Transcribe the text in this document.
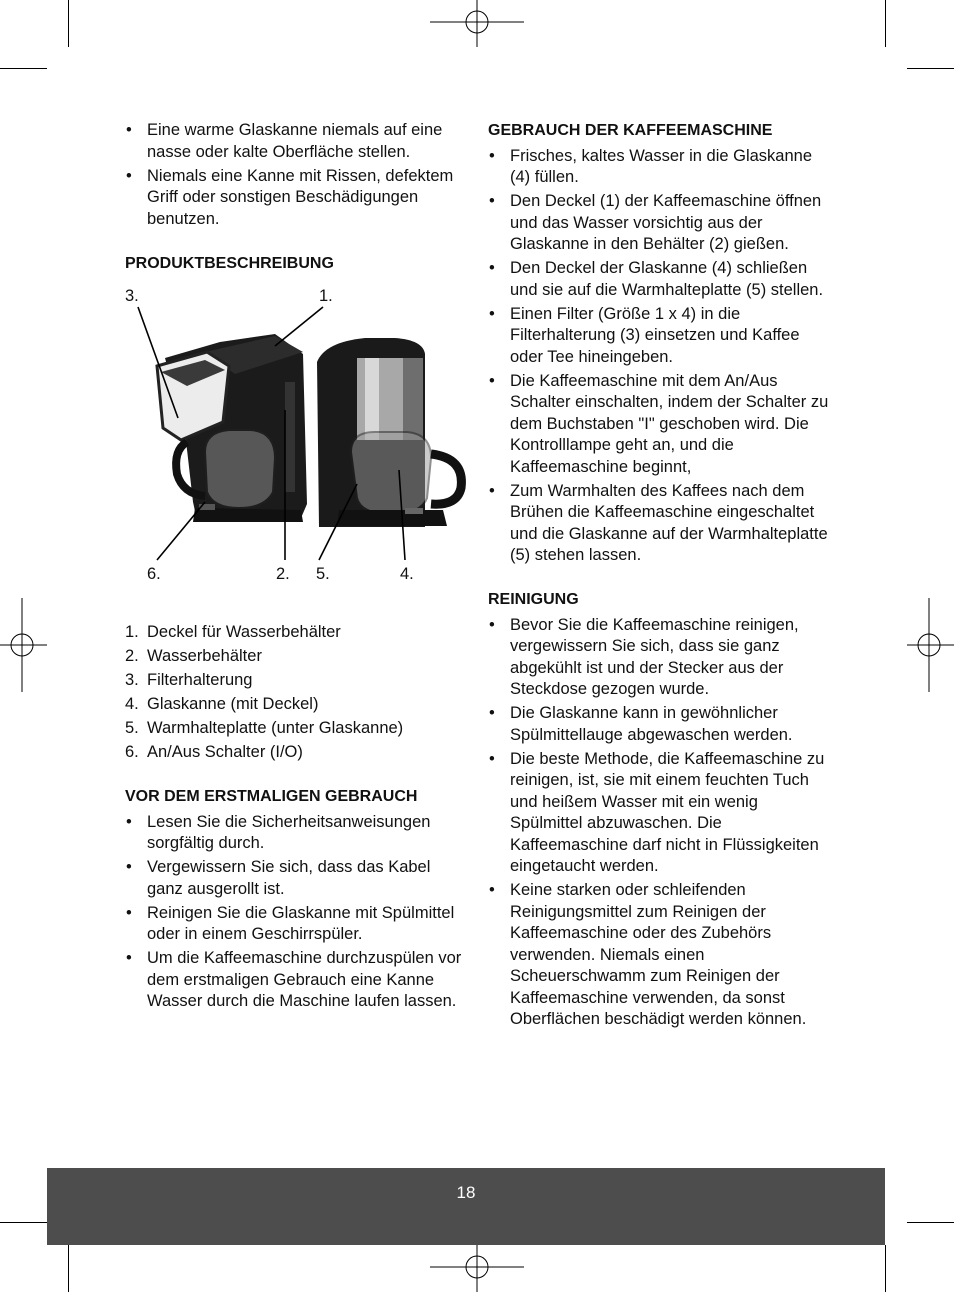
• Eine warme Glaskanne niemals auf eine nasse oder kalte Oberfläche stellen.
• Niemals eine Kanne mit Rissen, defektem Griff oder sonstigen Beschädigungen benutzen.
PRODUKTBESCHREIBUNG
3.	1.
6.	2. 5.	4.
1. Deckel für Wasserbehälter
2. Wasserbehälter
3. Filterhalterung
4. Glaskanne (mit Deckel)
5. Warmhalteplatte (unter Glaskanne)
6. An/Aus Schalter (I/O)
VOR DEM ERSTMALIGEN GEBRAUCH
• Lesen Sie die Sicherheitsanweisungen sorgfältig durch.
• Vergewissern Sie sich, dass das Kabel ganz ausgerollt ist.
• Reinigen Sie die Glaskanne mit Spülmittel oder in einem Geschirrspüler.
• Um die Kaffeemaschine durchzuspülen vor dem erstmaligen Gebrauch eine Kanne Wasser durch die Maschine laufen lassen.
GEBRAUCH DER KAFFEEMASCHINE
• Frisches, kaltes Wasser in die Glaskanne (4) füllen.
• Den Deckel (1) der Kaffeemaschine öffnen und das Wasser vorsichtig aus der Glaskanne in den Behälter (2) gießen.
• Den Deckel der Glaskanne (4) schließen und sie auf die Warmhalteplatte (5) stellen.
• Einen Filter (Größe 1 x 4) in die Filterhalterung (3) einsetzen und Kaffee oder Tee hineingeben.
• Die Kaffeemaschine mit dem An/Aus Schalter einschalten, indem der Schalter zu dem Buchstaben "I" geschoben wird. Die Kontrolllampe geht an, und die Kaffeemaschine beginnt,
• Zum Warmhalten des Kaffees nach dem Brühen die Kaffeemaschine eingeschaltet und die Glaskanne auf der Warmhalteplatte (5) stehen lassen.
REINIGUNG
• Bevor Sie die Kaffeemaschine reinigen, vergewissern Sie sich, dass sie ganz abgekühlt ist und der Stecker aus der Steckdose gezogen wurde.
• Die Glaskanne kann in gewöhnlicher Spülmittellauge abgewaschen werden.
• Die beste Methode, die Kaffeemaschine zu reinigen, ist, sie mit einem feuchten Tuch und heißem Wasser mit ein wenig Spülmittel abzuwaschen. Die Kaffeemaschine darf nicht in Flüssigkeiten eingetaucht werden.
• Keine starken oder schleifenden Reinigungsmittel zum Reinigen der Kaffeemaschine oder des Zubehörs verwenden. Niemals einen Scheuerschwamm zum Reinigen der Kaffeemaschine verwenden, da sonst Oberflächen beschädigt werden können.
18
